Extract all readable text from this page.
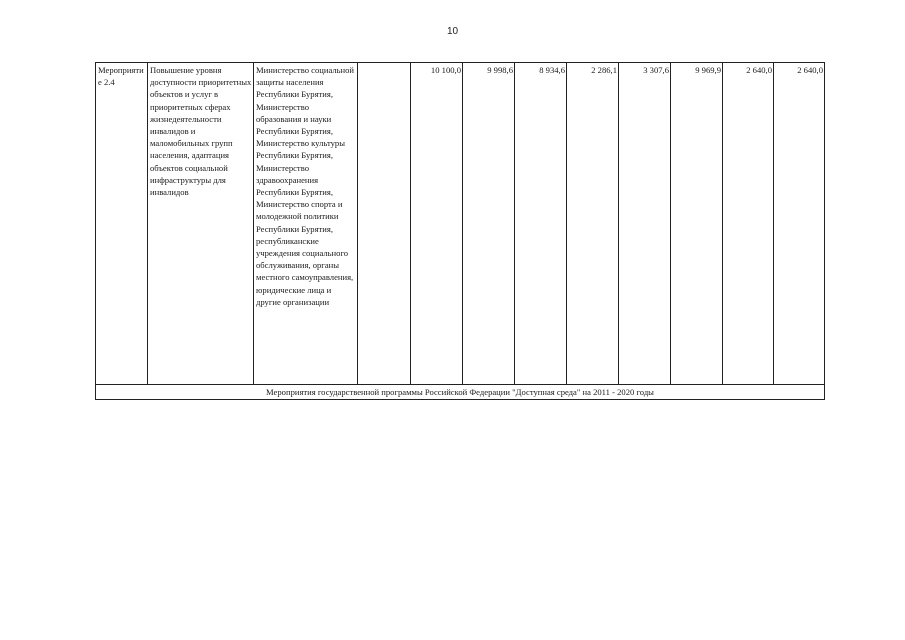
10
Мероприятие 2.4	Повышение уровня доступности приоритетных объектов и услуг в приоритетных сферах жизнедеятельности инвалидов и маломобильных групп населения, адаптация объектов социальной инфраструктуры для инвалидов	Министерство социальной защиты населения Республики Бурятия, Министерство образования и науки Республики Бурятия, Министерство культуры Республики Бурятия, Министерство здравоохранения Республики Бурятия, Министерство спорта и молодежной политики Республики Бурятия, республиканские учреждения социального обслуживания, органы местного самоуправления, юридические лица и другие организации		10 100,0	9 998,6	8 934,6	2 286,1	3 307,6	9 969,9	2 640,0	2 640,0
Мероприятия государственной программы Российской Федерации "Доступная среда" на 2011 - 2020 годы
